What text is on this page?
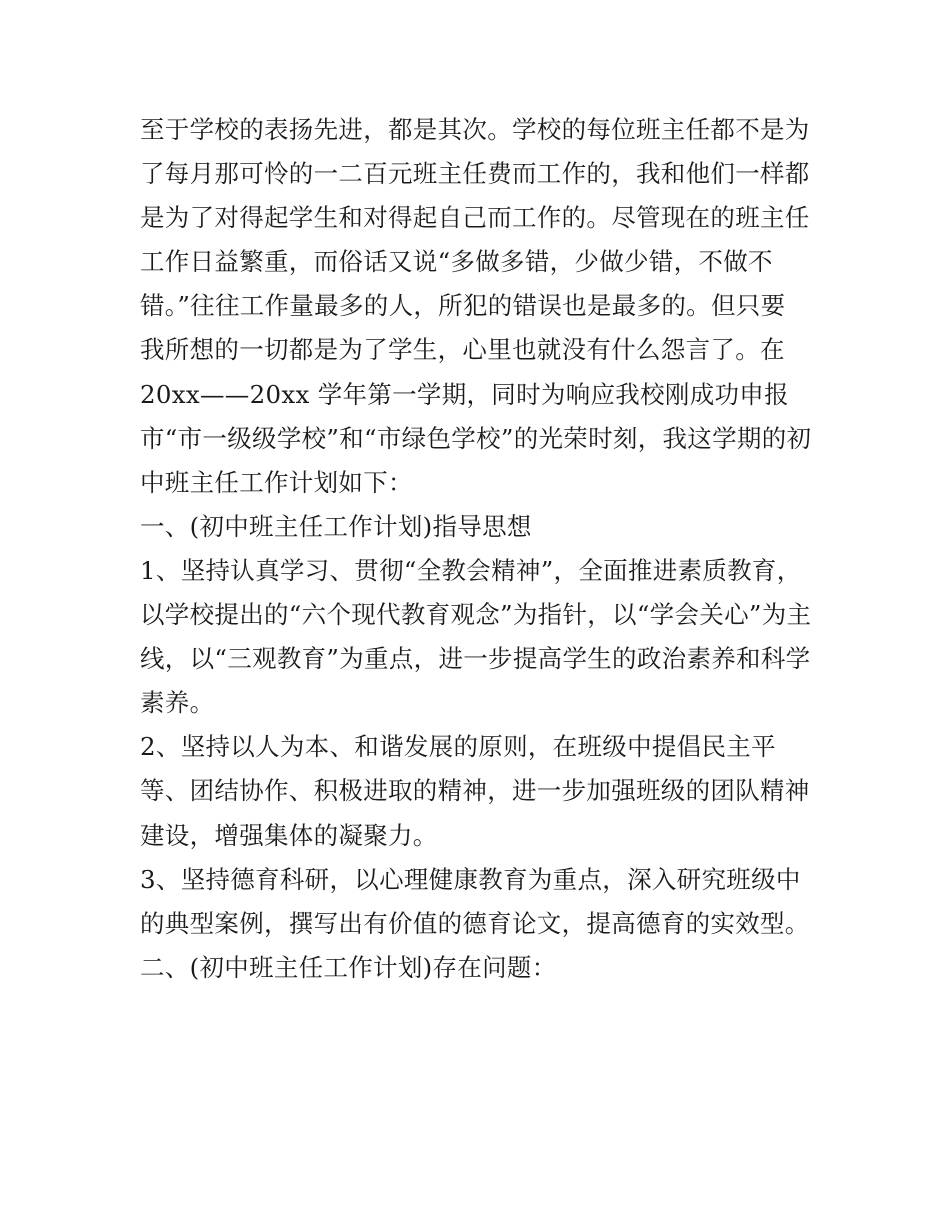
至于学校的表扬先进，都是其次。学校的每位班主任都不是为
了每月那可怜的一二百元班主任费而工作的，我和他们一样都
是为了对得起学生和对得起自己而工作的。尽管现在的班主任
工作日益繁重，而俗话又说“多做多错，少做少错，不做不
错。”往往工作量最多的人，所犯的错误也是最多的。但只要
我所想的一切都是为了学生，心里也就没有什么怨言了。在
20xx——20xx 学年第一学期，同时为响应我校刚成功申报
市“市一级级学校”和“市绿色学校”的光荣时刻，我这学期的初
中班主任工作计划如下：
一、(初中班主任工作计划)指导思想
1、坚持认真学习、贯彻“全教会精神”，全面推进素质教育，
以学校提出的“六个现代教育观念”为指针，以“学会关心”为主
线，以“三观教育”为重点，进一步提高学生的政治素养和科学
素养。
2、坚持以人为本、和谐发展的原则，在班级中提倡民主平
等、团结协作、积极进取的精神，进一步加强班级的团队精神
建设，增强集体的凝聚力。
3、坚持德育科研，以心理健康教育为重点，深入研究班级中
的典型案例，撰写出有价值的德育论文，提高德育的实效型。
二、(初中班主任工作计划)存在问题：
